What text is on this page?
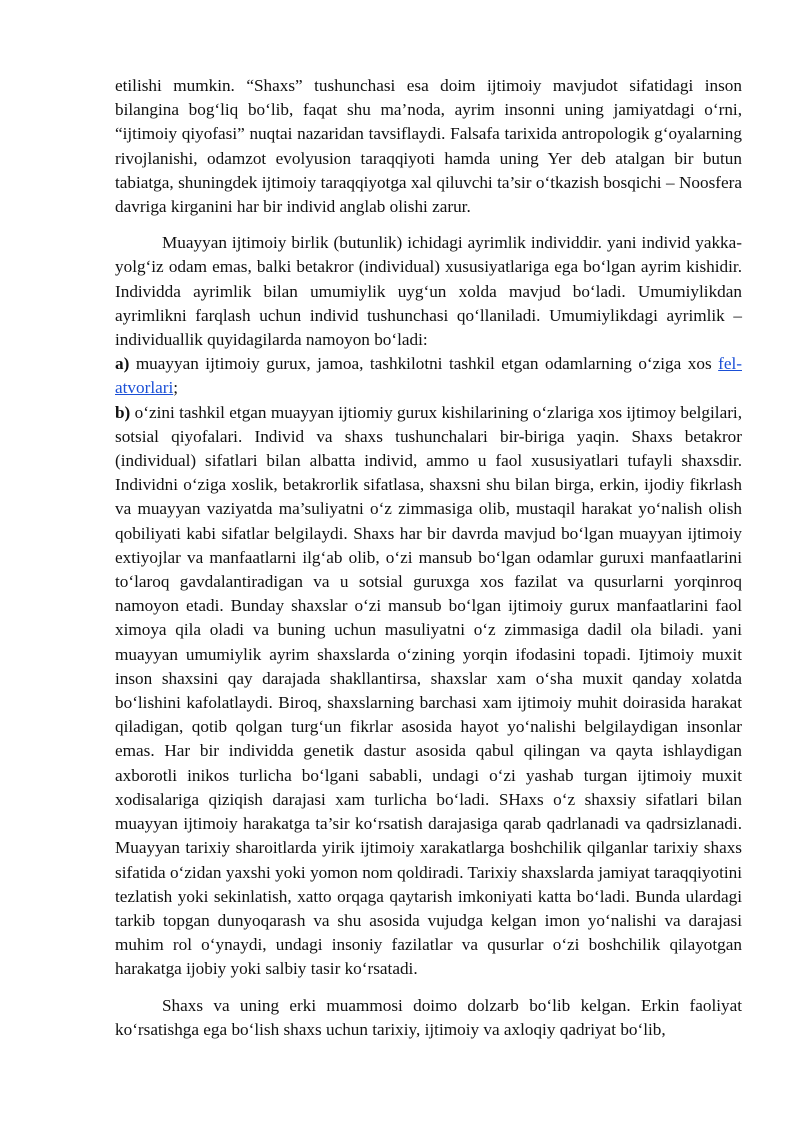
etilishi mumkin. “Shaxs” tushunchasi esa doim ijtimoiy mavjudot sifatidagi inson bilangina bog‘liq bo‘lib, faqat shu ma’noda, ayrim insonni uning jamiyatdagi o‘rni, “ijtimoiy qiyofasi” nuqtai nazaridan tavsiflaydi. Falsafa tarixida antropologik g‘oyalarning rivojlanishi, odamzot evolyusion taraqqiyoti hamda uning Yer deb atalgan bir butun tabiatga, shuningdek ijtimoiy taraqqiyotga xal qiluvchi ta’sir o‘tkazish bosqichi – Noosfera davriga kirganini har bir individ anglab olishi zarur.

Muayyan ijtimoiy birlik (butunlik) ichidagi ayrimlik individdir. yani individ yakka-yolg‘iz odam emas, balki betakror (individual) xususiyatlariga ega bo‘lgan ayrim kishidir. Individda ayrimlik bilan umumiylik uyg‘un xolda mavjud bo‘ladi. Umumiylikdan ayrimlikni farqlash uchun individ tushunchasi qo‘llaniladi. Umumiylikdagi ayrimlik – individuallik quyidagilarda namoyon bo‘ladi:

a) muayyan ijtimoiy gurux, jamoa, tashkilotni tashkil etgan odamlarning o‘ziga xos fel-atvorlari;

b) o‘zini tashkil etgan muayyan ijtiomiy gurux kishilarining o‘zlariga xos ijtimoy belgilari, sotsial qiyofalari. Individ va shaxs tushunchalari bir-biriga yaqin. Shaxs betakror (individual) sifatlari bilan albatta individ, ammo u faol xususiyatlari tufayli shaxsdir. Individni o‘ziga xoslik, betakrorlik sifatlasa, shaxsni shu bilan birga, erkin, ijodiy fikrlash va muayyan vaziyatda ma’suliyatni o‘z zimmasiga olib, mustaqil harakat yo‘nalish olish qobiliyati kabi sifatlar belgilaydi. Shaxs har bir davrda mavjud bo‘lgan muayyan ijtimoiy extiyojlar va manfaatlarni ilg‘ab olib, o‘zi mansub bo‘lgan odamlar guruxi manfaatlarini to‘laroq gavdalantiradigan va u sotsial guruxga xos fazilat va qusurlarni yorqinroq namoyon etadi. Bunday shaxslar o‘zi mansub bo‘lgan ijtimoiy gurux manfaatlarini faol ximoya qila oladi va buning uchun masuliyatni o‘z zimmasiga dadil ola biladi. yani muayyan umumiylik ayrim shaxslarda o‘zining yorqin ifodasini topadi. Ijtimoiy muxit inson shaxsini qay darajada shakllantirsa, shaxslar xam o‘sha muxit qanday xolatda bo‘lishini kafolatlaydi. Biroq, shaxslarning barchasi xam ijtimoiy muhit doirasida harakat qiladigan, qotib qolgan turg‘un fikrlar asosida hayot yo‘nalishi belgilaydigan insonlar emas. Har bir individda genetik dastur asosida qabul qilingan va qayta ishlaydigan axborotli inikos turlicha bo‘lgani sababli, undagi o‘zi yashab turgan ijtimoiy muxit xodisalariga qiziqish darajasi xam turlicha bo‘ladi. SHaxs o‘z shaxsiy sifatlari bilan muayyan ijtimoiy harakatga ta’sir ko‘rsatish darajasiga qarab qadrlanadi va qadrsizlanadi. Muayyan tarixiy sharoitlarda yirik ijtimoiy xarakatlarga boshchilik qilganlar tarixiy shaxs sifatida o‘zidan yaxshi yoki yomon nom qoldiradi. Tarixiy shaxslarda jamiyat taraqqiyotini tezlatish yoki sekinlatish, xatto orqaga qaytarish imkoniyati katta bo‘ladi. Bunda ulardagi tarkib topgan dunyoqarash va shu asosida vujudga kelgan imon yo‘nalishi va darajasi muhim rol o‘ynaydi, undagi insoniy fazilatlar va qusurlar o‘zi boshchilik qilayotgan harakatga ijobiy yoki salbiy tasir ko‘rsatadi.

Shaxs va uning erki muammosi doimo dolzarb bo‘lib kelgan. Erkin faoliyat ko‘rsatishga ega bo‘lish shaxs uchun tarixiy, ijtimoiy va axloqiy qadriyat bo‘lib,
